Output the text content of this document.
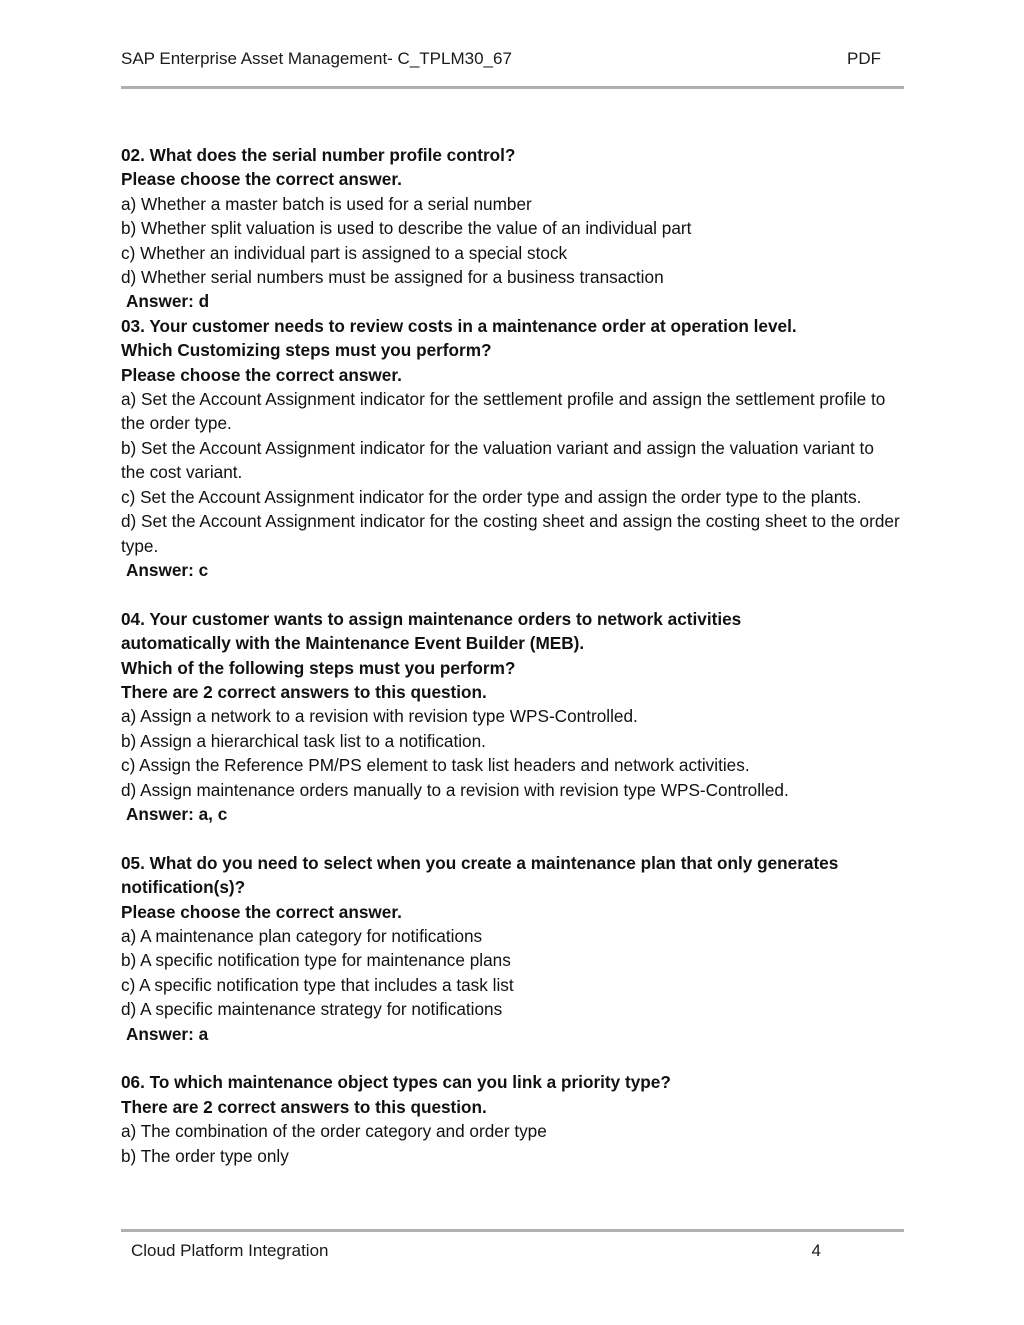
SAP Enterprise Asset Management- C_TPLM30_67	PDF

02. What does the serial number profile control?

Please choose the correct answer.

a) Whether a master batch is used for a serial number

b) Whether split valuation is used to describe the value of an individual part

c) Whether an individual part is assigned to a special stock

d) Whether serial numbers must be assigned for a business transaction

Answer: d

03. Your customer needs to review costs in a maintenance order at operation level.

Which Customizing steps must you perform?

Please choose the correct answer.

a) Set the Account Assignment indicator for the settlement profile and assign the settlement profile to the order type.

b) Set the Account Assignment indicator for the valuation variant and assign the valuation variant to the cost variant.

c) Set the Account Assignment indicator for the order type and assign the order type to the plants.

d) Set the Account Assignment indicator for the costing sheet and assign the costing sheet to the order type.

Answer: c

04. Your customer wants to assign maintenance orders to network activities

automatically with the Maintenance Event Builder (MEB).

Which of the following steps must you perform?

There are 2 correct answers to this question.

a) Assign a network to a revision with revision type WPS-Controlled.

b) Assign a hierarchical task list to a notification.

c) Assign the Reference PM/PS element to task list headers and network activities.

d) Assign maintenance orders manually to a revision with revision type WPS-Controlled.

Answer: a, c

05. What do you need to select when you create a maintenance plan that only generates notification(s)?

Please choose the correct answer.

a) A maintenance plan category for notifications

b) A specific notification type for maintenance plans

c) A specific notification type that includes a task list

d) A specific maintenance strategy for notifications

Answer: a

06. To which maintenance object types can you link a priority type?

There are 2 correct answers to this question.

a) The combination of the order category and order type

b) The order type only

Cloud Platform Integration	4
